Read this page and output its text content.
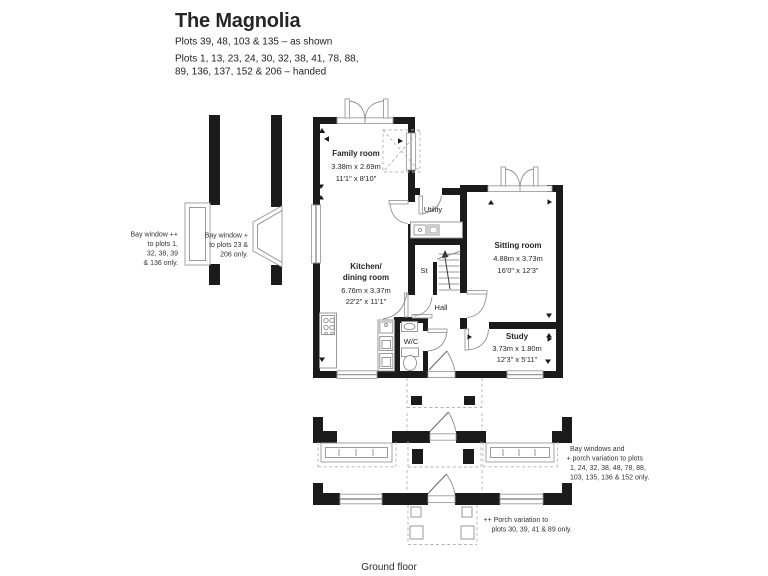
The Magnolia
Plots 39, 48, 103 & 135 – as shown
Plots 1, 13, 23, 24, 30, 32, 38, 41, 78, 88,
89, 136, 137, 152 & 206 – handed
Bay window ++
to plots 1,
32, 38, 39
& 136 only.
Bay window +
to plots 23 &
206 only.
Family room
3.38m x 2.69m
11'1" x 8'10"
Kitchen/
dining room
6.76m x 3.37m
22'2" x 11'1"
Sitting room
4.88m x 3.73m
16'0" x 12'3"
Study
3.73m x 1.80m
12'3" x 5'11"
Utility
St
Hall
W/C
Bay windows and
+ porch variation to plots
1, 24, 32, 38, 48, 78, 88,
103, 135, 136 & 152 only.
++ Porch variation to
plots 30, 39, 41 & 89 only.
Ground floor
